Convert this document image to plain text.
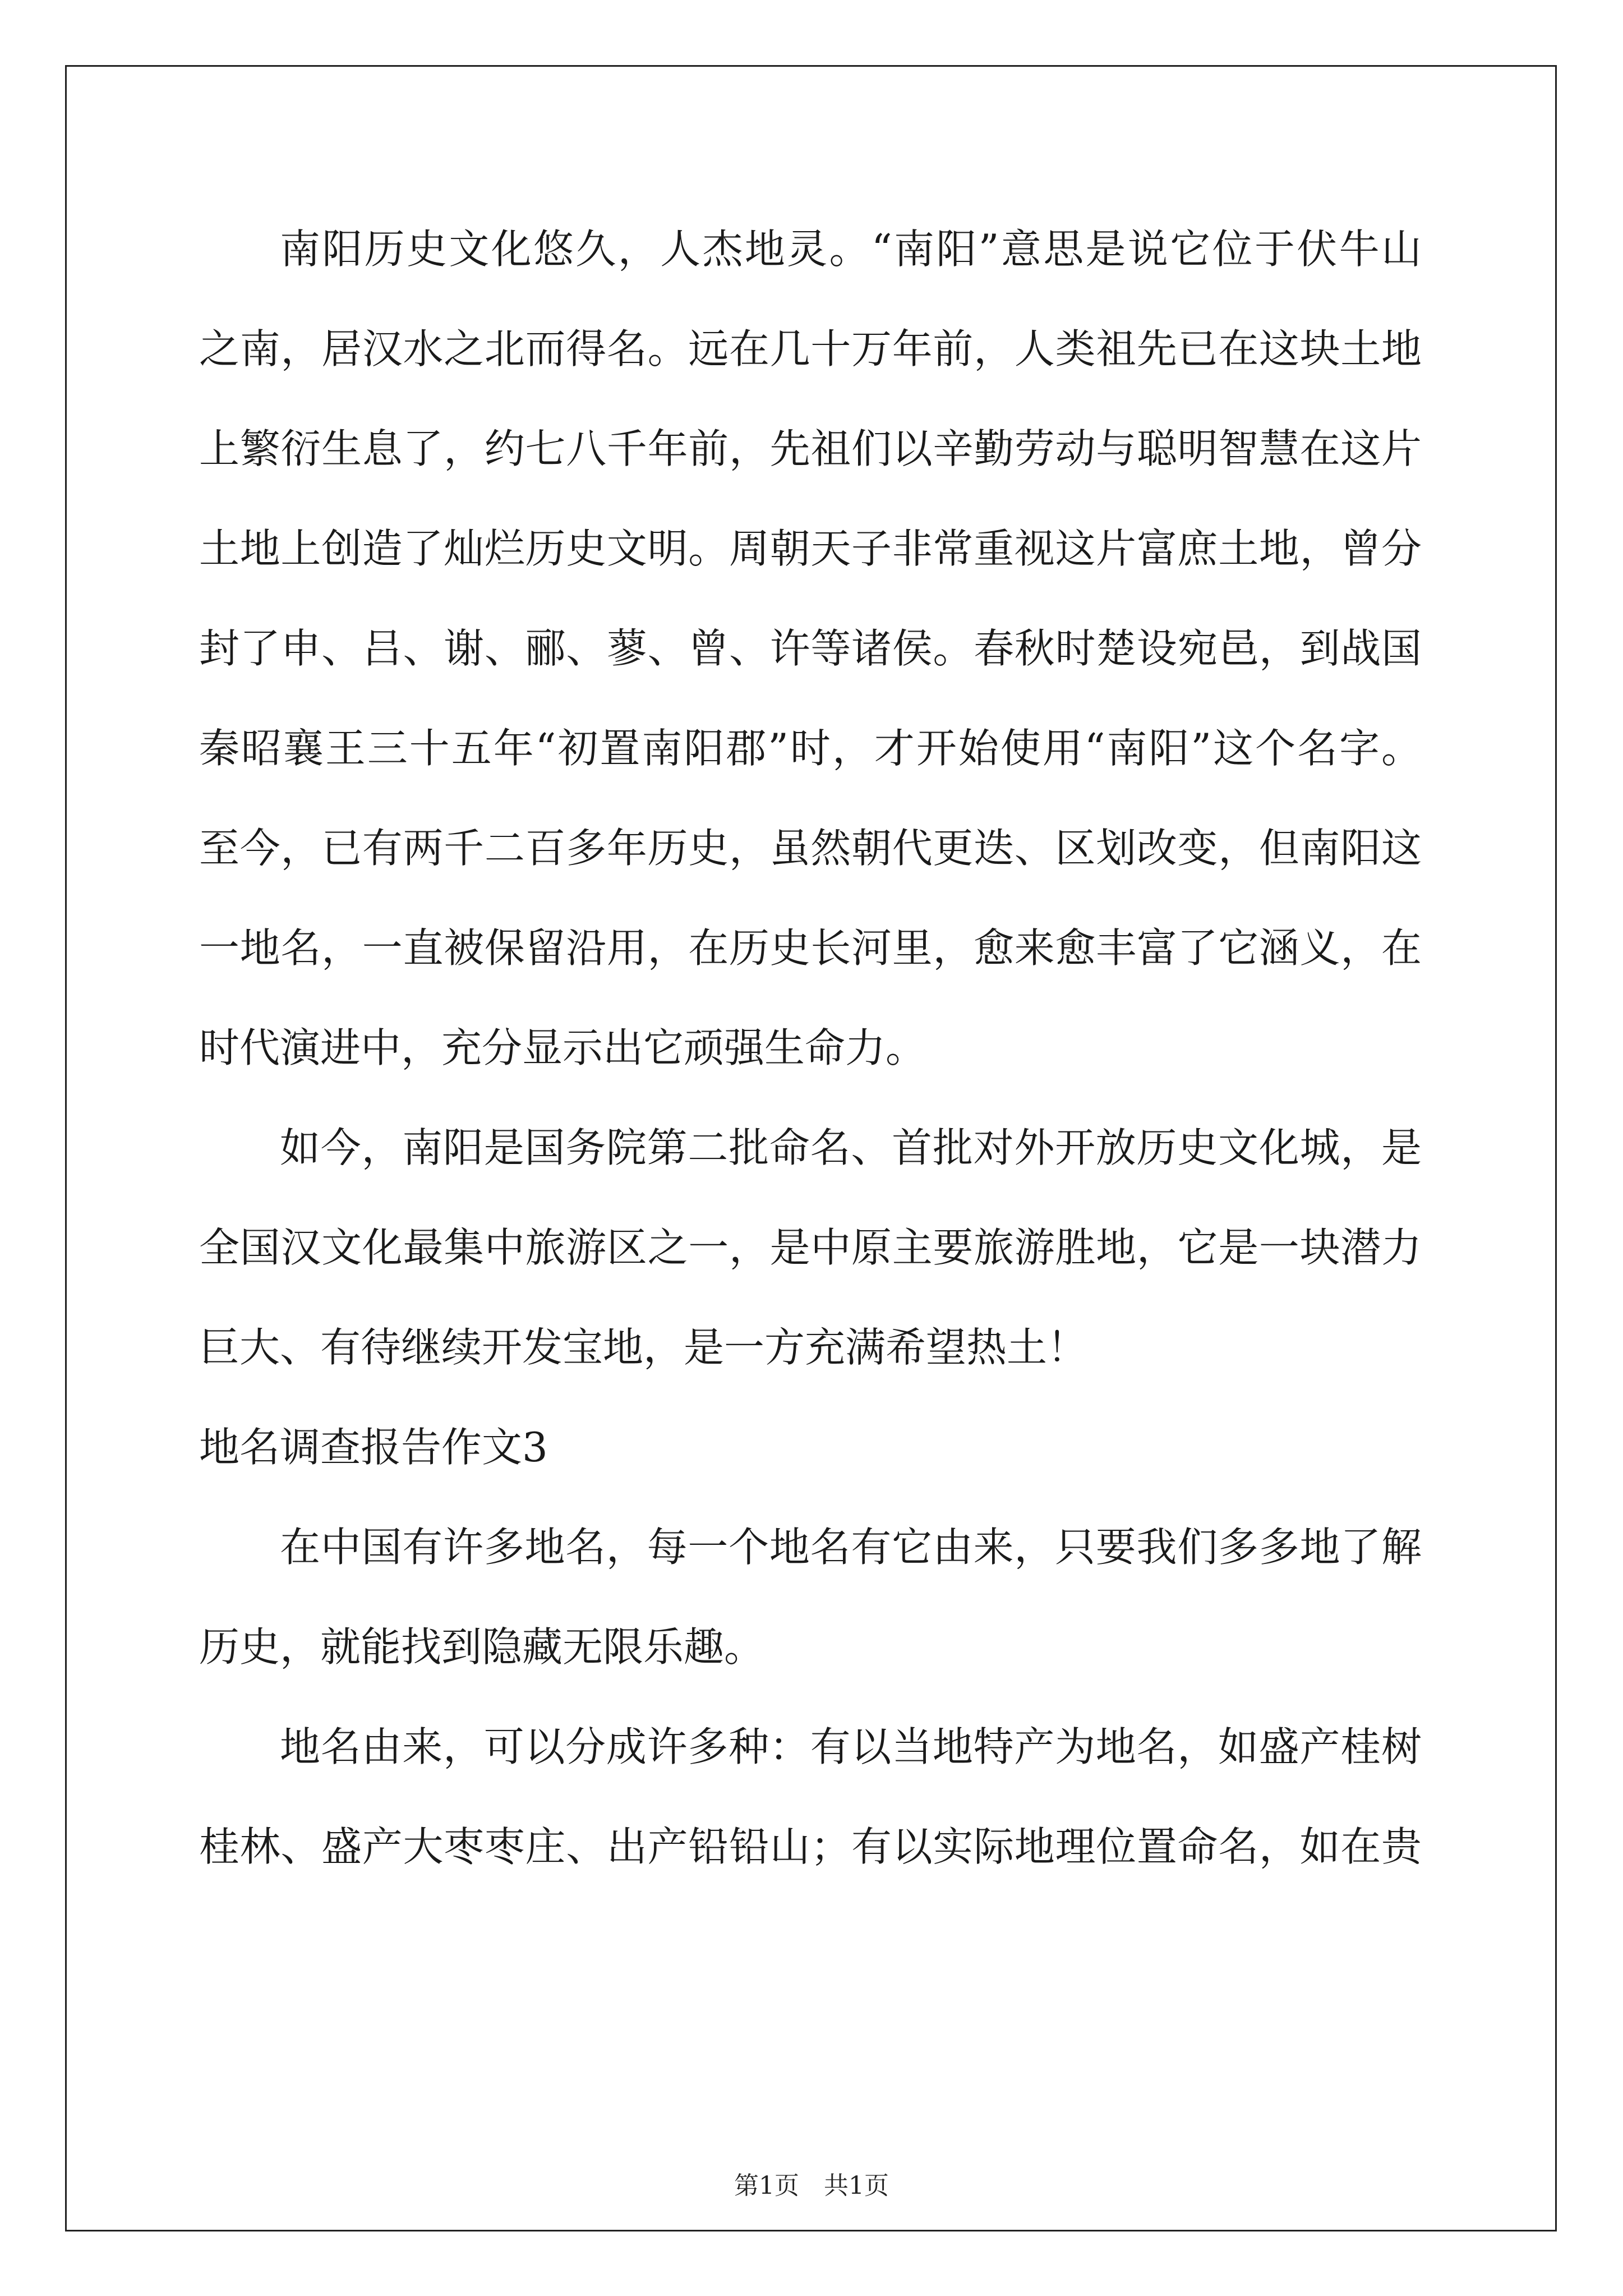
南阳历史文化悠久，人杰地灵。“南阳”意思是说它位于伏牛山
之南，居汉水之北而得名。远在几十万年前，人类祖先已在这块土地
上繁衍生息了，约七八千年前，先祖们以辛勤劳动与聪明智慧在这片
土地上创造了灿烂历史文明。周朝天子非常重视这片富庶土地，曾分
封了申、吕、谢、郦、蓼、曾、许等诸侯。春秋时楚设宛邑，到战国
秦昭襄王三十五年“初置南阳郡”时，才开始使用“南阳”这个名字。
至今，已有两千二百多年历史，虽然朝代更迭、区划改变，但南阳这
一地名，一直被保留沿用，在历史长河里，愈来愈丰富了它涵义，在
时代演进中，充分显示出它顽强生命力。
如今，南阳是国务院第二批命名、首批对外开放历史文化城，是
全国汉文化最集中旅游区之一，是中原主要旅游胜地，它是一块潜力
巨大、有待继续开发宝地，是一方充满希望热土！
地名调查报告作文3
在中国有许多地名，每一个地名有它由来，只要我们多多地了解
历史，就能找到隐藏无限乐趣。
地名由来，可以分成许多种：有以当地特产为地名，如盛产桂树
桂林、盛产大枣枣庄、出产铅铅山；有以实际地理位置命名，如在贵
第1页　共1页
